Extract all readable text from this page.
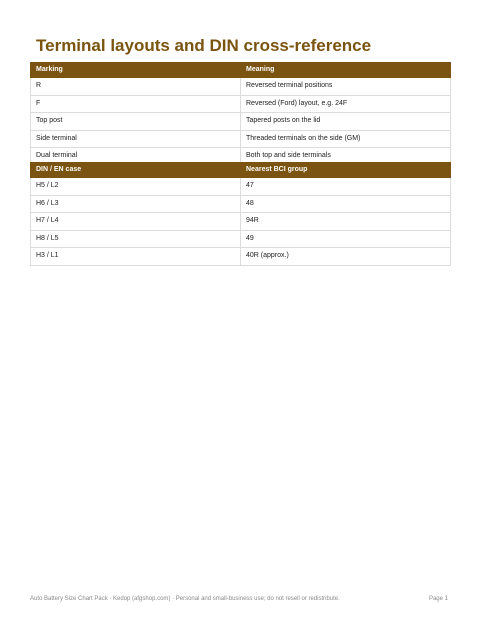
Terminal layouts and DIN cross-reference
Marking	Meaning
R	Reversed terminal positions
F	Reversed (Ford) layout, e.g. 24F
Top post	Tapered posts on the lid
Side terminal	Threaded terminals on the side (GM)
Dual terminal	Both top and side terminals
DIN / EN case	Nearest BCI group
H5 / L2	47
H6 / L3	48
H7 / L4	94R
H8 / L5	49
H3 / L1	40R (approx.)
Auto Battery Size Chart Pack · Kedop (afgshop.com) · Personal and small-business use; do not resell or redistribute.	Page 1
